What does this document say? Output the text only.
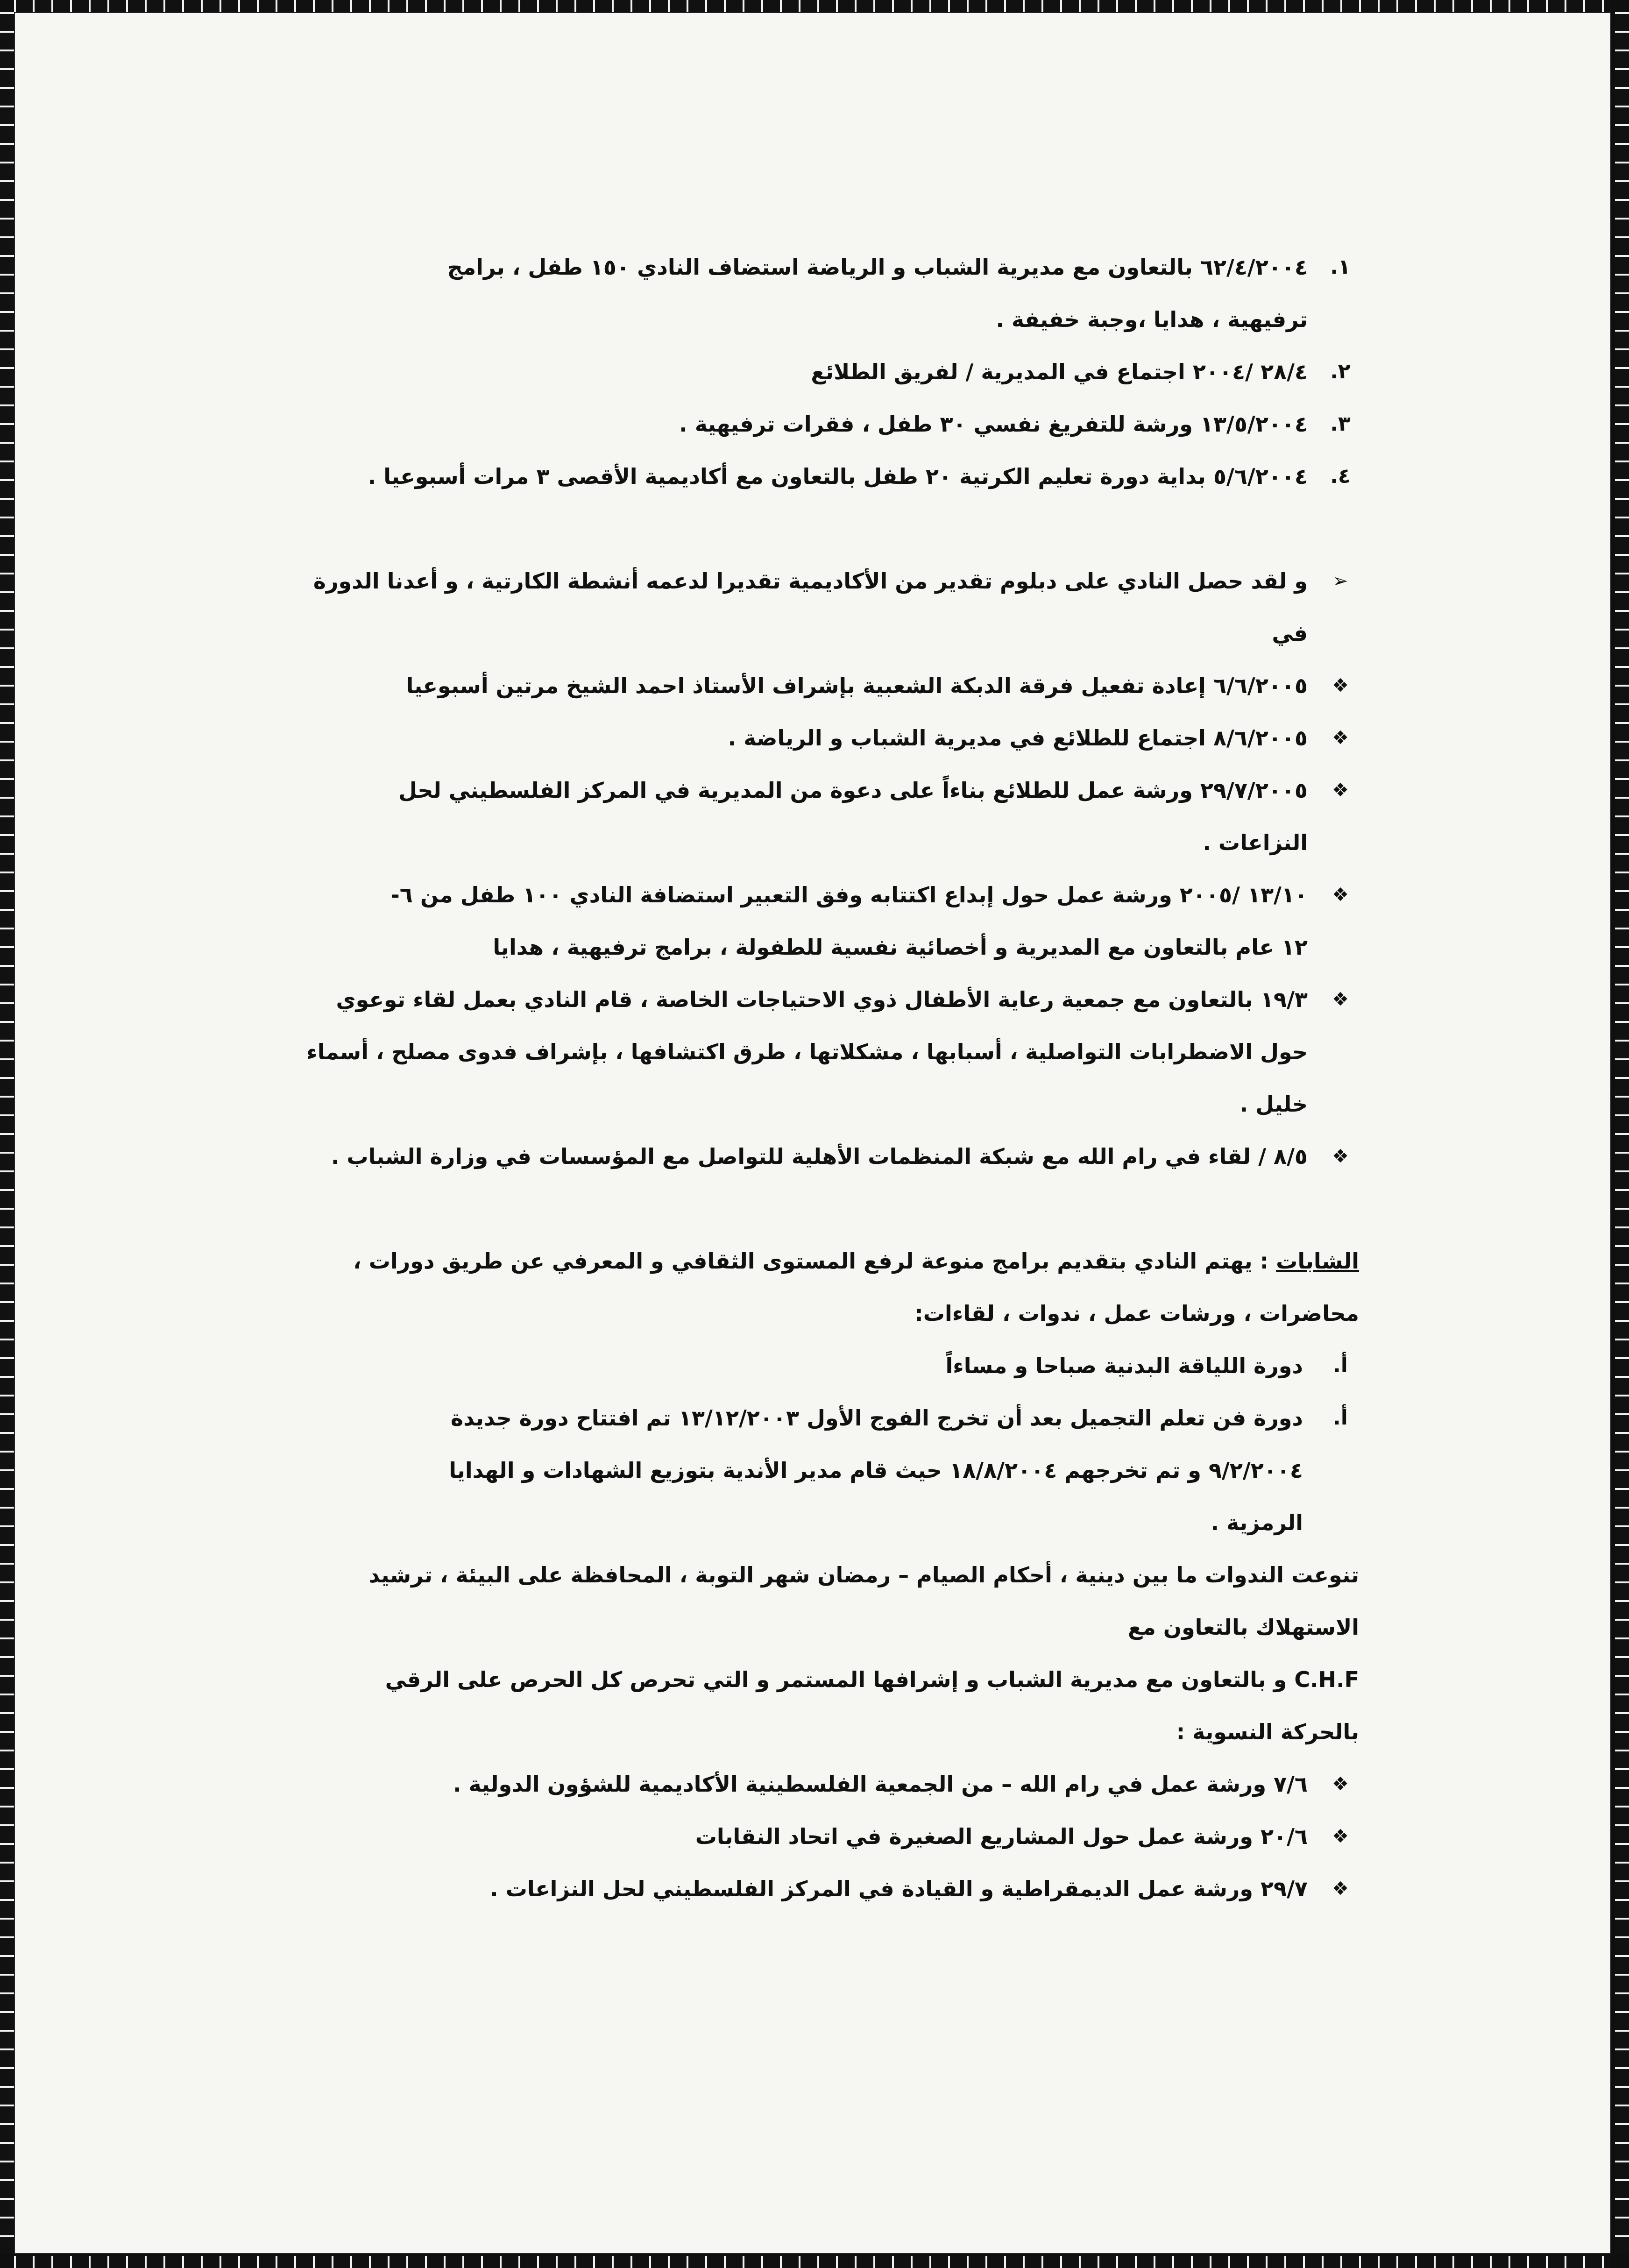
١.
٦٢/٤/٢٠٠٤ بالتعاون مع مديرية الشباب و الرياضة استضاف النادي ١٥٠ طفل ، برامج
ترفيهية ، هدايا ،وجبة خفيفة .
٢.
٢٨/٤ /٢٠٠٤ اجتماع في المديرية / لفريق الطلائع
٣.
١٣/٥/٢٠٠٤ ورشة للتفريغ نفسي ٣٠ طفل ، فقرات ترفيهية .
٤.
٥/٦/٢٠٠٤ بداية دورة تعليم الكرتية ٢٠ طفل بالتعاون مع أكاديمية الأقصى ٣ مرات أسبوعيا .
➢
و لقد حصل النادي على دبلوم تقدير من الأكاديمية تقديرا لدعمه أنشطة الكارتية ، و أعدنا الدورة
في
❖
٦/٦/٢٠٠٥ إعادة تفعيل فرقة الدبكة الشعبية بإشراف الأستاذ احمد الشيخ مرتين أسبوعيا
❖
٨/٦/٢٠٠٥ اجتماع للطلائع في مديرية الشباب و الرياضة .
❖
٢٩/٧/٢٠٠٥ ورشة عمل للطلائع بناءاً على دعوة من المديرية في المركز الفلسطيني لحل
النزاعات .
❖
١٣/١٠ /٢٠٠٥ ورشة عمل حول إبداع اكتتابه وفق التعبير استضافة النادي ١٠٠ طفل من ٦-
١٢ عام بالتعاون مع المديرية و أخصائية نفسية للطفولة ، برامج ترفيهية ، هدايا
❖
١٩/٣ بالتعاون مع جمعية رعاية الأطفال ذوي الاحتياجات الخاصة ، قام النادي بعمل لقاء توعوي
حول الاضطرابات التواصلية ، أسبابها ، مشكلاتها ، طرق اكتشافها ، بإشراف فدوى مصلح ، أسماء
خليل .
❖
٨/٥ / لقاء في رام الله مع شبكة المنظمات الأهلية للتواصل مع المؤسسات في وزارة الشباب .
الشابات : يهتم النادي بتقديم برامج منوعة لرفع المستوى الثقافي و المعرفي عن طريق دورات ،
محاضرات ، ورشات عمل ، ندوات ، لقاءات:
أ.
دورة اللياقة البدنية صباحا و مساءاً
أ.
دورة فن تعلم التجميل بعد أن تخرج الفوج الأول ١٣/١٢/٢٠٠٣ تم افتتاح دورة جديدة
٩/٢/٢٠٠٤ و تم تخرجهم ١٨/٨/٢٠٠٤ حيث قام مدير الأندية بتوزيع الشهادات و الهدايا
الرمزية .
تنوعت الندوات ما بين دينية ، أحكام الصيام – رمضان شهر التوبة ، المحافظة على البيئة ، ترشيد
الاستهلاك بالتعاون مع
C.H.F و بالتعاون مع مديرية الشباب و إشرافها المستمر و التي تحرص كل الحرص على الرقي
بالحركة النسوية :
❖
٧/٦ ورشة عمل في رام الله – من الجمعية الفلسطينية الأكاديمية للشؤون الدولية .
❖
٢٠/٦ ورشة عمل حول المشاريع الصغيرة في اتحاد النقابات
❖
٢٩/٧ ورشة عمل الديمقراطية و القيادة في المركز الفلسطيني لحل النزاعات .
